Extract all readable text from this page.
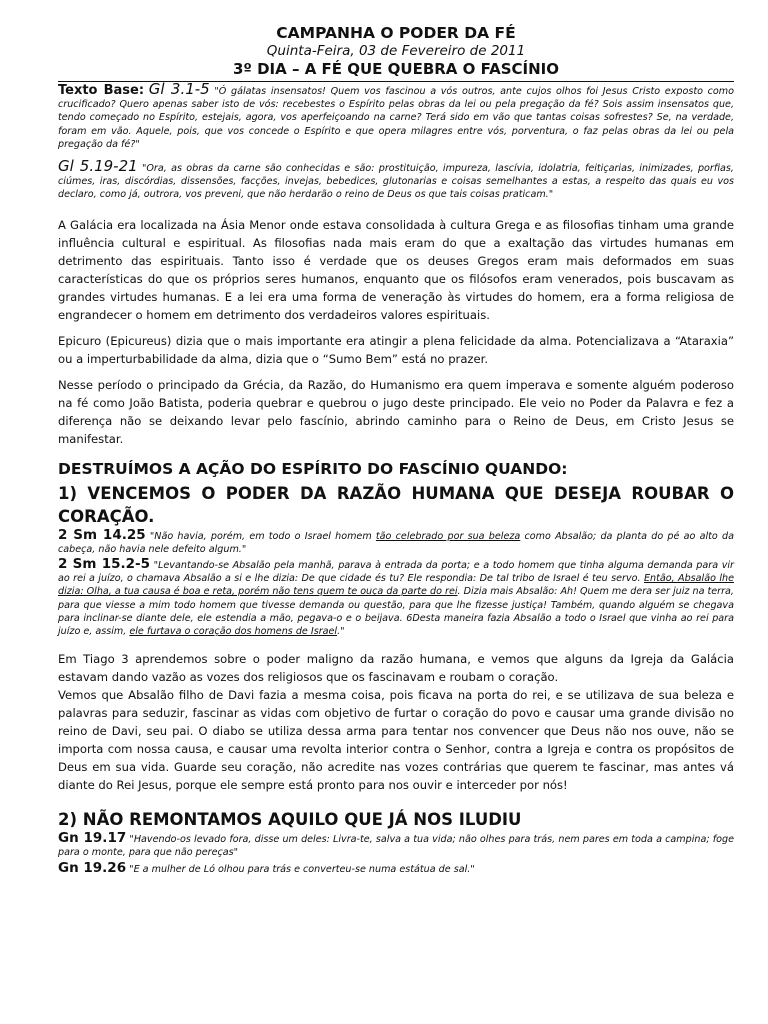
CAMPANHA O PODER DA FÉ
Quinta-Feira, 03 de Fevereiro de 2011
3º DIA – A FÉ QUE QUEBRA O FASCÍNIO
Texto Base: Gl 3.1-5 "Ó gálatas insensatos! Quem vos fascinou a vós outros, ante cujos olhos foi Jesus Cristo exposto como crucificado? Quero apenas saber isto de vós: recebestes o Espírito pelas obras da lei ou pela pregação da fé? Sois assim insensatos que, tendo começado no Espírito, estejais, agora, vos aperfeiçoando na carne? Terá sido em vão que tantas coisas sofrestes? Se, na verdade, foram em vão. Aquele, pois, que vos concede o Espírito e que opera milagres entre vós, porventura, o faz pelas obras da lei ou pela pregação da fé?"
Gl 5.19-21 "Ora, as obras da carne são conhecidas e são: prostituição, impureza, lascívia, idolatria, feitiçarias, inimizades, porfias, ciúmes, iras, discórdias, dissensões, facções, invejas, bebedices, glutonarias e coisas semelhantes a estas, a respeito das quais eu vos declaro, como já, outrora, vos preveni, que não herdarão o reino de Deus os que tais coisas praticam."

A Galácia era localizada na Ásia Menor onde estava consolidada à cultura Grega e as filosofias tinham uma grande influência cultural e espiritual. As filosofias nada mais eram do que a exaltação das virtudes humanas em detrimento das espirituais. Tanto isso é verdade que os deuses Gregos eram mais deformados em suas características do que os próprios seres humanos, enquanto que os filósofos eram venerados, pois buscavam as grandes virtudes humanas. E a lei era uma forma de veneração às virtudes do homem, era a forma religiosa de engrandecer o homem em detrimento dos verdadeiros valores espirituais.

Epicuro (Epicureus) dizia que o mais importante era atingir a plena felicidade da alma. Potencializava a “Ataraxia” ou a imperturbabilidade da alma, dizia que o “Sumo Bem” está no prazer.

Nesse período o principado da Grécia, da Razão, do Humanismo era quem imperava e somente alguém poderoso na fé como João Batista, poderia quebrar e quebrou o jugo deste principado. Ele veio no Poder da Palavra e fez a diferença não se deixando levar pelo fascínio, abrindo caminho para o Reino de Deus, em Cristo Jesus se manifestar.

DESTRUÍMOS A AÇÃO DO ESPÍRITO DO FASCÍNIO QUANDO:
1) VENCEMOS O PODER DA RAZÃO HUMANA QUE DESEJA ROUBAR O CORAÇÃO.
2 Sm 14.25 "Não havia, porém, em todo o Israel homem tão celebrado por sua beleza como Absalão; da planta do pé ao alto da cabeça, não havia nele defeito algum."
2 Sm 15.2-5 "Levantando-se Absalão pela manhã, parava à entrada da porta; e a todo homem que tinha alguma demanda para vir ao rei a juízo, o chamava Absalão a si e lhe dizia: De que cidade és tu? Ele respondia: De tal tribo de Israel é teu servo. Então, Absalão lhe dizia: Olha, a tua causa é boa e reta, porém não tens quem te ouça da parte do rei. Dizia mais Absalão: Ah! Quem me dera ser juiz na terra, para que viesse a mim todo homem que tivesse demanda ou questão, para que lhe fizesse justiça! Também, quando alguém se chegava para inclinar-se diante dele, ele estendia a mão, pegava-o e o beijava. 6Desta maneira fazia Absalão a todo o Israel que vinha ao rei para juízo e, assim, ele furtava o coração dos homens de Israel."

Em Tiago 3 aprendemos sobre o poder maligno da razão humana, e vemos que alguns da Igreja da Galácia estavam dando vazão as vozes dos religiosos que os fascinavam e roubam o coração.

Vemos que Absalão filho de Davi fazia a mesma coisa, pois ficava na porta do rei, e se utilizava de sua beleza e palavras para seduzir, fascinar as vidas com objetivo de furtar o coração do povo e causar uma grande divisão no reino de Davi, seu pai. O diabo se utiliza dessa arma para tentar nos convencer que Deus não nos ouve, não se importa com nossa causa, e causar uma revolta interior contra o Senhor, contra a Igreja e contra os propósitos de Deus em sua vida. Guarde seu coração, não acredite nas vozes contrárias que querem te fascinar, mas antes vá diante do Rei Jesus, porque ele sempre está pronto para nos ouvir e interceder por nós!

2) NÃO REMONTAMOS AQUILO QUE JÁ NOS ILUDIU
Gn 19.17 "Havendo-os levado fora, disse um deles: Livra-te, salva a tua vida; não olhes para trás, nem pares em toda a campina; foge para o monte, para que não pereças"
Gn 19.26 "E a mulher de Ló olhou para trás e converteu-se numa estátua de sal."
